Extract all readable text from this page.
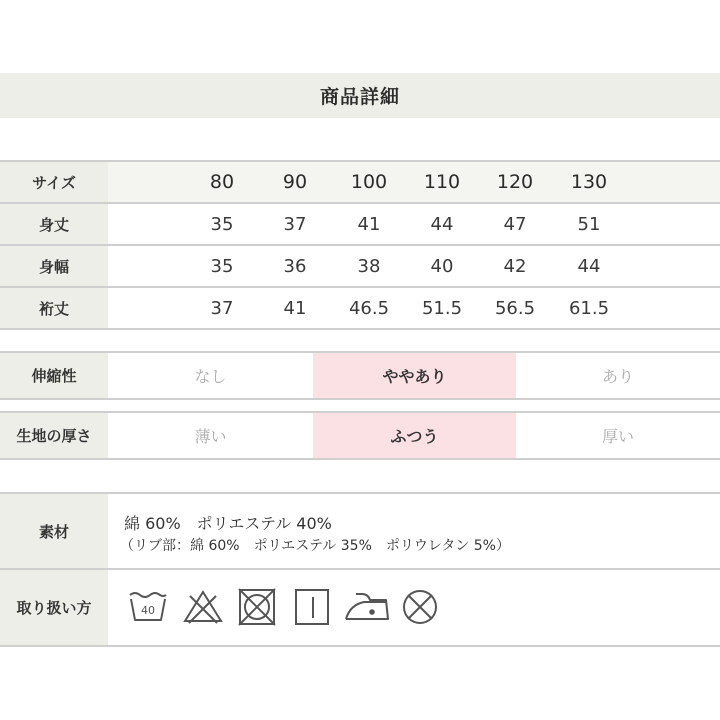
商品詳細
サイズ	80	90	100	110	120	130
身丈	35	37	41	44	47	51
身幅	35	36	38	40	42	44
裄丈	37	41	46.5	51.5	56.5	61.5
伸縮性	なし	ややあり	あり
生地の厚さ	薄い	ふつう	厚い
素材	綿 60%　ポリエステル 40%
（リブ部：綿 60%　ポリエステル 35%　ポリウレタン 5%）
取り扱い方	40
